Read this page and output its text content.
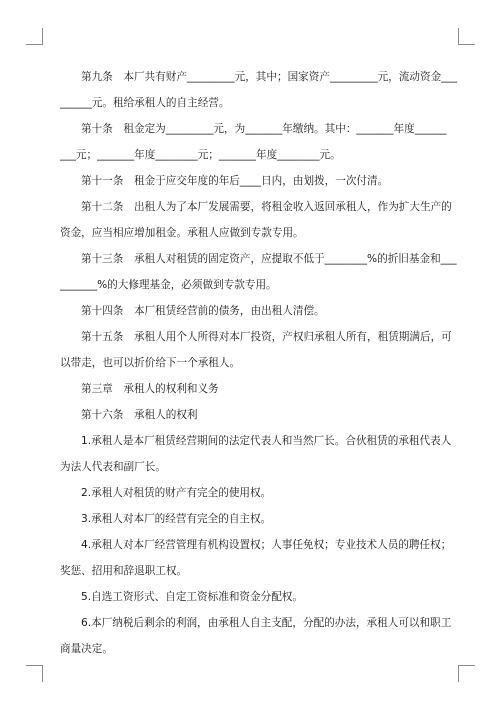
第九条　本厂共有财产_________元，其中；国家资产_________元，流动资金___
______元。租给承租人的自主经营。
第十条　租金定为_________元，为_______年缴纳。其中：_______年度______
___元；_______年度________元；_______年度________元。
第十一条　租金于应交年度的年后____日内，由划拨，一次付清。
第十二条　出租人为了本厂发展需要，将租金收入返回承租人，作为扩大生产的
资金，应当相应增加租金。承租人应做到专款专用。
第十三条　承租人对租赁的固定资产，应提取不低于________%的折旧基金和___
_______%的大修理基金，必须做到专款专用。
第十四条　本厂租赁经营前的债务，由出租人清偿。
第十五条　承租人用个人所得对本厂投资，产权归承租人所有，租赁期满后，可
以带走，也可以折价给下一个承租人。
第三章　承租人的权利和义务
第十六条　承租人的权利
1.承租人是本厂租赁经营期间的法定代表人和当然厂长。合伙租赁的承租代表人
为法人代表和副厂长。
2.承租人对租赁的财产有完全的使用权。
3.承租人对本厂的经营有完全的自主权。
4.承租人对本厂经营管理有机构设置权；人事任免权；专业技术人员的聘任权；
奖惩、招用和辞退职工权。
5.自选工资形式、自定工资标准和资金分配权。
6.本厂纳税后剩余的利润，由承租人自主支配，分配的办法，承租人可以和职工
商量决定。
